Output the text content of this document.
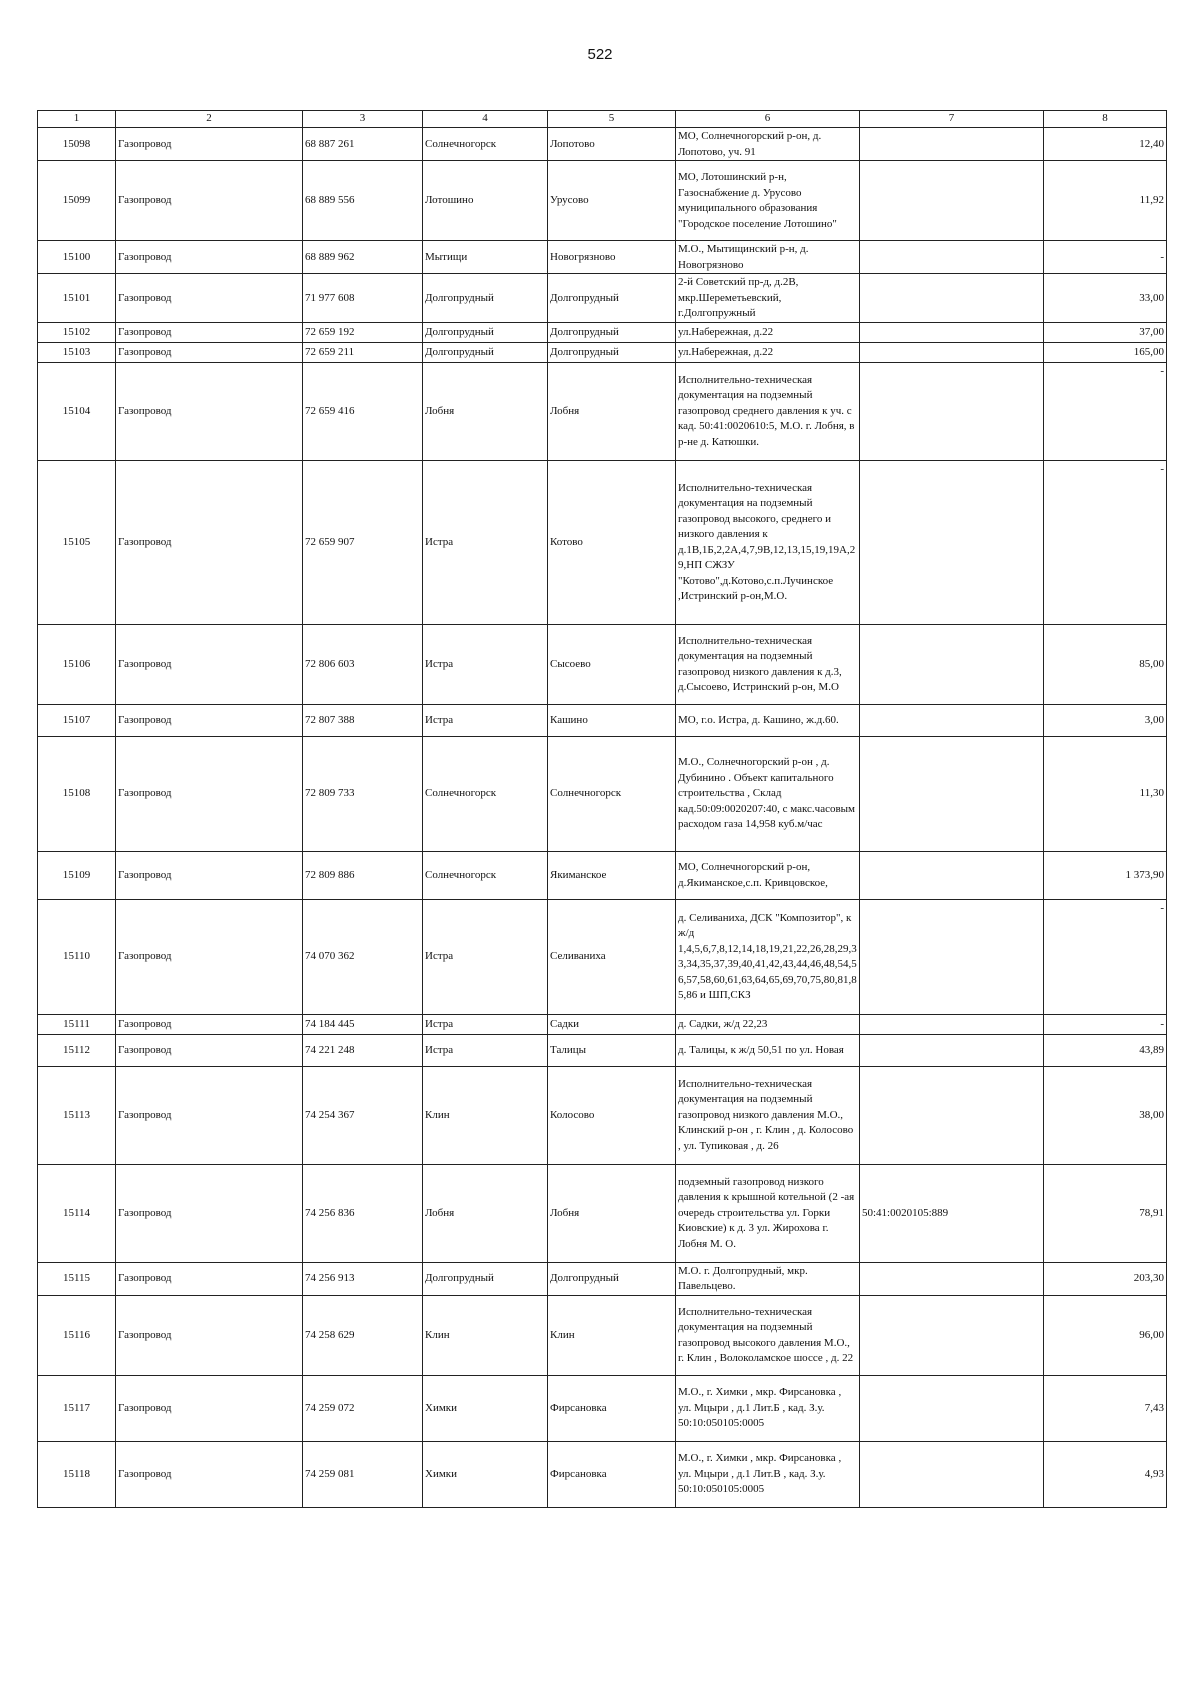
522
1	2	3	4	5	6	7	8
15098	Газопровод	68 887 261	Солнечногорск	Лопотово	МО, Солнечногорский р-он, д. Лопотово, уч. 91		12,40
15099	Газопровод	68 889 556	Лотошино	Урусово	МО, Лотошинский р-н, Газоснабжение д. Урусово муниципального образования "Городское поселение Лотошино"		11,92
15100	Газопровод	68 889 962	Мытищи	Новогрязново	М.О., Мытищинский р-н, д. Новогрязново		-
15101	Газопровод	71 977 608	Долгопрудный	Долгопрудный	2-й Советский пр-д, д.2В, мкр.Шереметьевский, г.Долгопружный		33,00
15102	Газопровод	72 659 192	Долгопрудный	Долгопрудный	ул.Набережная, д.22		37,00
15103	Газопровод	72 659 211	Долгопрудный	Долгопрудный	ул.Набережная, д.22		165,00
15104	Газопровод	72 659 416	Лобня	Лобня	Исполнительно-техническая документация на подземный газопровод среднего давления к уч. с кад. 50:41:0020610:5, М.О. г. Лобня, в р-не д. Катюшки.		-
15105	Газопровод	72 659 907	Истра	Котово	Исполнительно-техническая документация на подземный газопровод высокого, среднего и низкого давления к д.1В,1Б,2,2А,4,7,9В,12,13,15,19,19А,29,НП СЖЗУ "Котово",д.Котово,с.п.Лучинское ,Истринский р-он,М.О.		-
15106	Газопровод	72 806 603	Истра	Сысоево	Исполнительно-техническая документация на подземный газопровод низкого давления к д.3, д.Сысоево, Истринский р-он, М.О		85,00
15107	Газопровод	72 807 388	Истра	Кашино	МО, г.о. Истра, д. Кашино, ж.д.60.		3,00
15108	Газопровод	72 809 733	Солнечногорск	Солнечногорск	М.О., Солнечногорский р-он , д. Дубинино . Объект капитального строительства , Склад кад.50:09:0020207:40, с макс.часовым расходом газа 14,958 куб.м/час		11,30
15109	Газопровод	72 809 886	Солнечногорск	Якиманское	МО, Солнечногорский р-он, д.Якиманское,с.п. Кривцовское,		1 373,90
15110	Газопровод	74 070 362	Истра	Селиваниха	д. Селиваниха, ДСК "Композитор", к ж/д 1,4,5,6,7,8,12,14,18,19,21,22,26,28,29,33,34,35,37,39,40,41,42,43,44,46,48,54,56,57,58,60,61,63,64,65,69,70,75,80,81,85,86 и ШП,СКЗ		-
15111	Газопровод	74 184 445	Истра	Садки	д. Садки, ж/д 22,23		-
15112	Газопровод	74 221 248	Истра	Талицы	д. Талицы, к ж/д 50,51 по ул. Новая		43,89
15113	Газопровод	74 254 367	Клин	Колосово	Исполнительно-техническая документация на подземный газопровод низкого давления М.О., Клинский р-он , г. Клин , д. Колосово , ул. Тупиковая , д. 26		38,00
15114	Газопровод	74 256 836	Лобня	Лобня	подземный газопровод низкого давления к крышной котельной (2 -ая очередь строительства ул. Горки Киовские) к д. 3 ул. Жирохова г. Лобня М. О.	50:41:0020105:889	78,91
15115	Газопровод	74 256 913	Долгопрудный	Долгопрудный	М.О. г. Долгопрудный, мкр. Павельцево.		203,30
15116	Газопровод	74 258 629	Клин	Клин	Исполнительно-техническая документация на подземный газопровод высокого давления М.О., г. Клин , Волоколамское шоссе , д. 22		96,00
15117	Газопровод	74 259 072	Химки	Фирсановка	М.О., г. Химки , мкр. Фирсановка , ул. Мцыри , д.1 Лит.Б , кад. З.у. 50:10:050105:0005		7,43
15118	Газопровод	74 259 081	Химки	Фирсановка	М.О., г. Химки , мкр. Фирсановка , ул. Мцыри , д.1 Лит.В , кад. З.у. 50:10:050105:0005		4,93
